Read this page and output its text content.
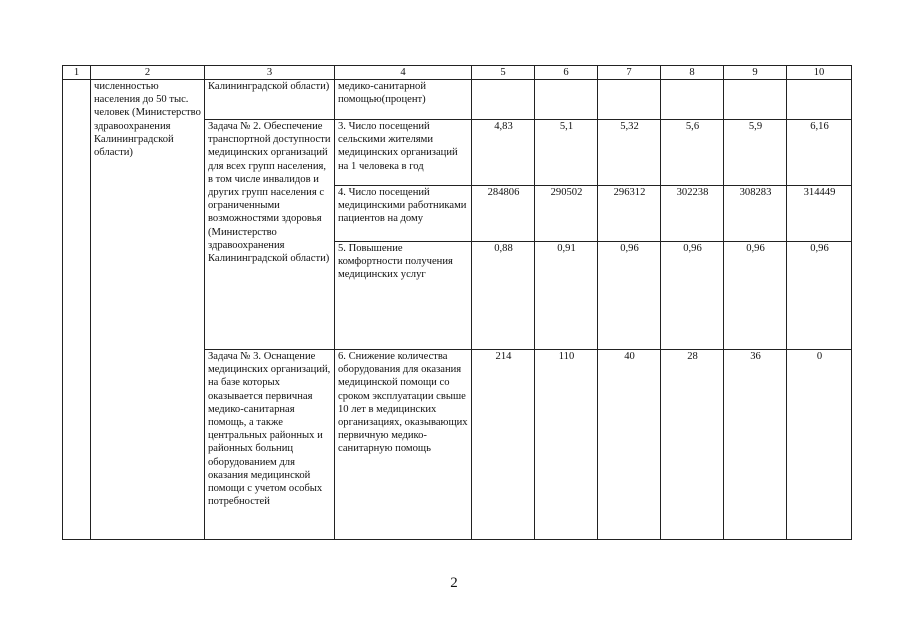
1	2	3	4	5	6	7	8	9	10

	численностью населения до 50 тыс. человек (Министерство здравоохранения Калининградской области)	Калининградской области)	медико-санитарной помощью(процент)						
		Задача № 2. Обеспечение транспортной доступности медицинских организаций для всех групп населения, в том числе инвалидов и других групп населения с ограниченными возможностями здоровья (Министерство здравоохранения Калининградской области)	3. Число посещений сельскими жителями медицинских организаций на 1 человека в год	4,83	5,1	5,32	5,6	5,9	6,16
			4. Число посещений медицинскими работниками пациентов на дому	284806	290502	296312	302238	308283	314449
			5. Повышение комфортности получения медицинских услуг	0,88	0,91	0,96	0,96	0,96	0,96
		Задача № 3. Оснащение медицинских организаций, на базе которых оказывается первичная медико-санитарная помощь, а также центральных районных и районных больниц оборудованием для оказания медицинской помощи с учетом особых потребностей	6. Снижение количества оборудования для оказания медицинской помощи со сроком эксплуатации свыше 10 лет в медицинских организациях, оказывающих первичную медико-санитарную помощь	214	110	40	28	36	0
2
